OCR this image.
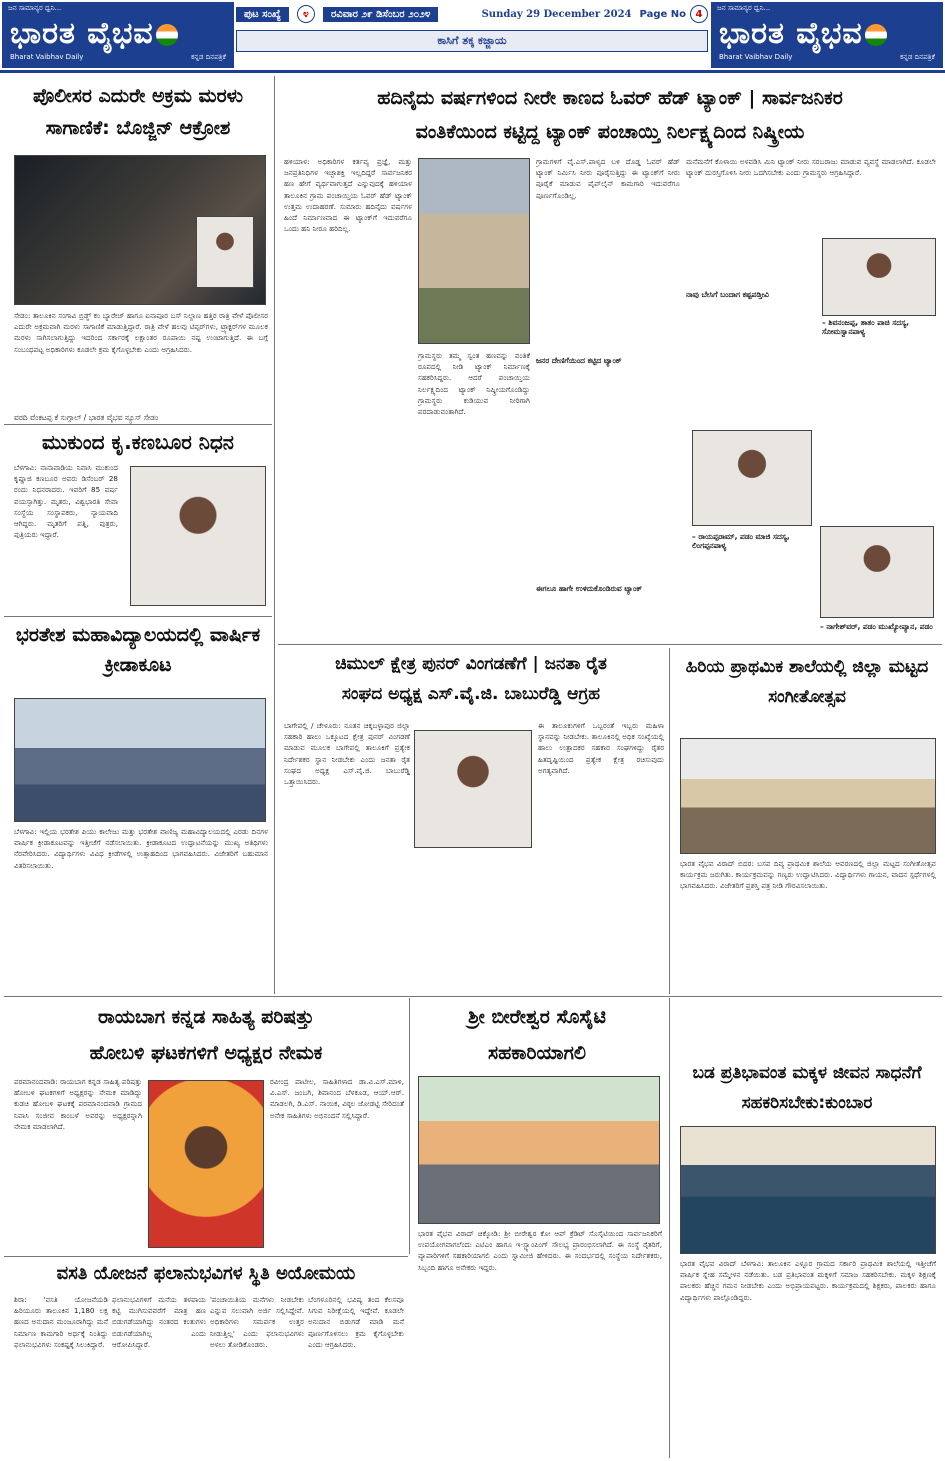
ಜನ ಸಾಮಾನ್ಯರ ಧ್ವನಿ...
ಭಾರತ ವೈಭವ
Bharat Vaibhav Daily	ಕನ್ನಡ ದಿನಪತ್ರಿಕೆ
ಪುಟ ಸಂಖ್ಯೆ	೪	ರವಿವಾರ ೨೯ ಡಿಸೆಂಬರ ೨೦೨೪	Sunday 29 December 2024 Page No 4
ಕಾಸಿಗೆ ತಕ್ಕ ಕಜ್ಜಾಯ
ಜನ ಸಾಮಾನ್ಯರ ಧ್ವನಿ...
ಭಾರತ ವೈಭವ
Bharat Vaibhav Daily	ಕನ್ನಡ ದಿನಪತ್ರಿಕೆ
ಪೊಲೀಸರ ಎದುರೇ ಅಕ್ರಮ ಮರಳು ಸಾಗಾಣಿಕೆ: ಬೊಜ್ಜಿನ್ ಆಕ್ರೋಶ
ಸೇಡಂ: ತಾಲೂಕಿನ ಸಂಗಾವಿ ಬ್ರಿಡ್ಜ್ ಕಂ ಬ್ಯಾರೇಜ್ ಹಾಗೂ ಐನಾಪೂರ ಬಸ್ ನಿಲ್ದಾಣ ಹತ್ತಿರ ರಾತ್ರಿ ವೇಳೆ ಪೊಲೀಸರ ಎದುರೇ ಅಕ್ರಮವಾಗಿ ಮರಳು ಸಾಗಾಣಿಕೆ ಮಾಡುತ್ತಿದ್ದಾರೆ. ರಾತ್ರಿ ವೇಳೆ ಹಲವು ಟಿಪ್ಪರ್‌ಗಳು, ಟ್ರ್ಯಾಕ್ಟರ್‌ಗಳ ಮೂಲಕ ಮರಳು ಸಾಗಿಸಲಾಗುತ್ತಿದ್ದು ಇದರಿಂದ ಸರ್ಕಾರಕ್ಕೆ ಲಕ್ಷಾಂತರ ರೂಪಾಯಿ ನಷ್ಟ ಉಂಟಾಗುತ್ತಿದೆ. ಈ ಬಗ್ಗೆ ಸಂಬಂಧಪಟ್ಟ ಅಧಿಕಾರಿಗಳು ಕೂಡಲೇ ಕ್ರಮ ಕೈಗೊಳ್ಳಬೇಕು ಎಂದು ಆಗ್ರಹಿಸಿದರು.
ವರದಿ ವೆಂಕಟಪ್ಪ ಕೆ ಸುಗ್ಗಾಲ್ / ಭಾರತ ವೈಭವ ನ್ಯೂಸ್ ಸೇಡಂ
ಮುಕುಂದ ಕೃ.ಕಣಬೂರ ನಿಧನ
ಬೆಳಗಾವಿ: ನಾನಾವಾಡಿಯ ನಿವಾಸಿ ಮುಕುಂದ ಕೃಷ್ಣಾಜಿ ಕಣಬೂರ ಅವರು ಡಿಸೆಂಬರ್ 28 ರಂದು ನಿಧನರಾದರು. ಇವರಿಗೆ 85 ವರ್ಷ ವಯಸ್ಸಾಗಿತ್ತು. ಮೃತರು, ವಿಶ್ವಭಾರತಿ ಸೇವಾ ಸಂಸ್ಥೆಯ ಸಂಸ್ಥಾಪಕರು, ನ್ಯಾಯವಾದಿ ಆಗಿದ್ದರು. ಮೃತರಿಗೆ ಪತ್ನಿ, ಪುತ್ರರು, ಪುತ್ರಿಯರು ಇದ್ದಾರೆ.
ಭರತೇಶ ಮಹಾವಿದ್ಯಾಲಯದಲ್ಲಿ ವಾರ್ಷಿಕ ಕ್ರೀಡಾಕೂಟ
ಬೆಳಗಾವಿ: ಇಲ್ಲಿಯ ಭರತೇಶ ಪಿಯು ಕಾಲೇಜು ಮತ್ತು ಭರತೇಶ ವಾಣಿಜ್ಯ ಮಹಾವಿದ್ಯಾಲಯದಲ್ಲಿ ಎರಡು ದಿನಗಳ ವಾರ್ಷಿಕ ಕ್ರೀಡಾಕೂಟವನ್ನು ಇತ್ತೀಚೆಗೆ ನಡೆಸಲಾಯಿತು. ಕ್ರೀಡಾಕೂಟದ ಉದ್ಘಾಟನೆಯನ್ನು ಮುಖ್ಯ ಅತಿಥಿಗಳು ನೆರವೇರಿಸಿದರು. ವಿದ್ಯಾರ್ಥಿಗಳು ವಿವಿಧ ಕ್ರೀಡೆಗಳಲ್ಲಿ ಉತ್ಸಾಹದಿಂದ ಭಾಗವಹಿಸಿದರು. ವಿಜೇತರಿಗೆ ಬಹುಮಾನ ವಿತರಿಸಲಾಯಿತು.
ಹದಿನೈದು ವರ್ಷಗಳಿಂದ ನೀರೇ ಕಾಣದ ಓವರ್ ಹೆಡ್ ಟ್ಯಾಂಕ್ | ಸಾರ್ವಜನಿಕರ
ವಂತಿಕೆಯಿಂದ ಕಟ್ಟಿದ್ದ ಟ್ಯಾಂಕ್ ಪಂಚಾಯ್ತಿ ನಿರ್ಲಕ್ಷ್ಯದಿಂದ ನಿಷ್ಕ್ರೀಯ
ಹಳಿಯಾಳ: ಅಧಿಕಾರಿಗಳ ಕರ್ತವ್ಯ ಪ್ರಜ್ಞೆ, ಮತ್ತು ಜನಪ್ರತಿನಿಧಿಗಳ ಇಚ್ಛಾಶಕ್ತಿ ಇಲ್ಲದಿದ್ದರೆ ಸಾರ್ವಜನಿಕರ ಹಣ ಹೇಗೆ ವ್ಯರ್ಥವಾಗುತ್ತದೆ ಎನ್ನುವುದಕ್ಕೆ ಹಳಿಯಾಳ ತಾಲೂಕಿನ ಗ್ರಾಮ ಪಂಚಾಯ್ತಿಯ ಓವರ್ ಹೆಡ್ ಟ್ಯಾಂಕ್ ಉತ್ತಮ ಉದಾಹರಣೆ. ಸುಮಾರು ಹದಿನೈದು ವರ್ಷಗಳ ಹಿಂದೆ ನಿರ್ಮಾಣವಾದ ಈ ಟ್ಯಾಂಕ್‌ಗೆ ಇದುವರೆಗೂ ಒಂದು ಹನಿ ನೀರೂ ಹರಿದಿಲ್ಲ.
ಗ್ರಾಮಸ್ಥರು ತಮ್ಮ ಸ್ವಂತ ಹಣವನ್ನು ವಂತಿಕೆ ರೂಪದಲ್ಲಿ ನೀಡಿ ಟ್ಯಾಂಕ್ ನಿರ್ಮಾಣಕ್ಕೆ ಸಹಕರಿಸಿದ್ದರು. ಆದರೆ ಪಂಚಾಯ್ತಿಯ ನಿರ್ಲಕ್ಷ್ಯದಿಂದ ಟ್ಯಾಂಕ್ ನಿಷ್ಕ್ರೀಯಗೊಂಡಿದ್ದು ಗ್ರಾಮಸ್ಥರು ಕುಡಿಯುವ ನೀರಿಗಾಗಿ ಪರದಾಡುವಂತಾಗಿದೆ.
ಗ್ರಾಮಗಳಿಗೆ ವೈ.ಎಸ್.ಪಾಳ್ಯದ ಬಳಿ ದೊಡ್ಡ ಓವರ್ ಹೆಡ್ ಟ್ಯಾಂಕ್ ನಿರ್ಮಿಸಿ ನೀರು ಪೂರೈಸುತ್ತಿದ್ದು ಈ ಟ್ಯಾಂಕ್‌ಗೆ ನೀರು ಪೂರೈಕೆ ಮಾಡುವ ಪೈಪ್‌ಲೈನ್ ಕಾಮಗಾರಿ ಇದುವರೆಗೂ ಪೂರ್ಣಗೊಂಡಿಲ್ಲ.
ಜನರ ದೇಣಿಗೆಯಿಂದ ಕಟ್ಟಿದ ಟ್ಯಾಂಕ್
ಈಗಲೂ ಹಾಗೇ ಉಳಿದುಕೊಂಡಿರುವ ಟ್ಯಾಂಕ್
ಮನೆಮನೆಗೆ ಕೊಳಾಯಿ ಅಳವಡಿಸಿ ಮಿನಿ ಟ್ಯಾಂಕ್ ನೀರು ಸರಬರಾಜು ಮಾಡುವ ವ್ಯವಸ್ಥೆ ಮಾಡಲಾಗಿದೆ. ಕೂಡಲೇ ಟ್ಯಾಂಕ್ ದುರಸ್ತಿಗೊಳಿಸಿ ನೀರು ಒದಗಿಸಬೇಕು ಎಂದು ಗ್ರಾಮಸ್ಥರು ಆಗ್ರಹಿಸಿದ್ದಾರೆ.
ನಾವು ಬೇಸಿಗೆ ಬಂದಾಗ ಕಷ್ಟಪಡ್ತೀವಿ
– ಶಿವನಂಜಪ್ಪ, ತಾತಂ ಪಾಚಿ ಸದಸ್ಯ, ಸೋಮಸ್ವಾನಪಾಳ್ಯ
– ರಾಯಪ್ಪರಾಮ್, ಪಡಂ ಮಾಜಿ ಸದಸ್ಯ, ಲಿಂಗಪ್ಪನಪಾಳ್ಯ
– ನಾಗೇಶ್‌ವರ್, ಪಡಂ ಮುಖ್ಯೋಪ್ಯಾನ, ಪಡಂ
ಚಿಮುಲ್ ಕ್ಷೇತ್ರ ಪುನರ್ ವಿಂಗಡಣೆಗೆ | ಜನತಾ ರೈತ
ಸಂಘದ ಅಧ್ಯಕ್ಷ ಎಸ್.ವೈ.ಜಿ. ಬಾಬುರೆಡ್ಡಿ ಆಗ್ರಹ
ಬಾಗೇಪಲ್ಲಿ / ಚೇಳೂರು: ನೂತನ ಚಿಕ್ಕಬಳ್ಳಾಪುರ ಜಿಲ್ಲಾ ಸಹಕಾರಿ ಹಾಲು ಒಕ್ಕೂಟದ ಕ್ಷೇತ್ರ ಪುನರ್ ವಿಂಗಡಣೆ ಮಾಡುವ ಮೂಲಕ ಬಾಗೇಪಲ್ಲಿ ತಾಲೂಕಿಗೆ ಪ್ರತ್ಯೇಕ ನಿರ್ದೇಶಕರ ಸ್ಥಾನ ನೀಡಬೇಕು ಎಂದು ಜನತಾ ರೈತ ಸಂಘದ ಅಧ್ಯಕ್ಷ ಎಸ್.ವೈ.ಜಿ. ಬಾಬುರೆಡ್ಡಿ ಒತ್ತಾಯಿಸಿದರು.
ಈ ತಾಲೂಕುಗಳಿಗೆ ಒಬ್ಬರಂತೆ ಇಬ್ಬರು ಮಹಿಳಾ ಸ್ಥಾನವನ್ನು ನೀಡಬೇಕು. ತಾಲೂಕಿನಲ್ಲಿ ಅಧಿಕ ಸಂಖ್ಯೆಯಲ್ಲಿ ಹಾಲು ಉತ್ಪಾದಕರ ಸಹಕಾರ ಸಂಘಗಳಿದ್ದು ರೈತರ ಹಿತದೃಷ್ಟಿಯಿಂದ ಪ್ರತ್ಯೇಕ ಕ್ಷೇತ್ರ ರಚಿಸುವುದು ಅಗತ್ಯವಾಗಿದೆ.
ಹಿರಿಯ ಪ್ರಾಥಮಿಕ ಶಾಲೆಯಲ್ಲಿ ಜಿಲ್ಲಾ ಮಟ್ಟದ ಸಂಗೀತೋತ್ಸವ
ಭಾರತ ವೈಭವ ವಿರಾದ್ ಬಿದರ: ಬಸವ ದಿವ್ಯ ಪ್ರಾಥಮಿಕ ಶಾಲೆಯ ಆವರಣದಲ್ಲಿ ಜಿಲ್ಲಾ ಮಟ್ಟದ ಸಂಗೀತೋತ್ಸವ ಕಾರ್ಯಕ್ರಮ ಜರುಗಿತು. ಕಾರ್ಯಕ್ರಮವನ್ನು ಗಣ್ಯರು ಉದ್ಘಾಟಿಸಿದರು. ವಿದ್ಯಾರ್ಥಿಗಳು ಗಾಯನ, ವಾದನ ಸ್ಪರ್ಧೆಗಳಲ್ಲಿ ಭಾಗವಹಿಸಿದರು. ವಿಜೇತರಿಗೆ ಪ್ರಶಸ್ತಿ ಪತ್ರ ನೀಡಿ ಗೌರವಿಸಲಾಯಿತು.
ರಾಯಬಾಗ ಕನ್ನಡ ಸಾಹಿತ್ಯ ಪರಿಷತ್ತು
ಹೋಬಳಿ ಘಟಕಗಳಿಗೆ ಅಧ್ಯಕ್ಷರ ನೇಮಕ
ಪರಮಾನಂದವಾಡಿ: ರಾಯಬಾಗ ಕನ್ನಡ ಸಾಹಿತ್ಯ ಪರಿಷತ್ತು ಹೋಬಳಿ ಘಟಕಗಳಿಗೆ ಅಧ್ಯಕ್ಷರನ್ನು ನೇಮಕ ಮಾಡಿದ್ದು ಕುಡಚಿ ಹೋಬಳಿ ಘಟಕಕ್ಕೆ ಪರಮಾನಂದವಾಡಿ ಗ್ರಾಮದ ನಿವಾಸಿ ಸಂಜೀವ ಕಾಂಬಳೆ ಅವರನ್ನು ಅಧ್ಯಕ್ಷರನ್ನಾಗಿ ನೇಮಕ ಮಾಡಲಾಗಿದೆ.
ರವೀಂದ್ರ ಪಾಟೀಲ, ಸಾಹಿತಿಗಳಾದ ಡಾ.ವಿ.ಎಸ್.ಮಾಳಿ, ವಿ.ಎಸ್. ಜಂಬಗಿ, ಶಿವಾನಂದ ಬೆಳಕೂಡ, ಆಯ್.ಆರ್. ಮಾಡಲಗಿ, ಡಿ.ಎಸ್. ನಾಯಿಕ, ವಿಠ್ಠಲ ಜೋಡಟ್ಟಿ ಸೇರಿದಂತೆ ಅನೇಕ ಸಾಹಿತಿಗಳು ಅಭಿನಂದನೆ ಸಲ್ಲಿಸಿದ್ದಾರೆ.
ಶ್ರೀ ಬೀರೇಶ್ವರ ಸೊಸೈಟಿ
ಸಹಕಾರಿಯಾಗಲಿ
ಭಾರತ ವೈಭವ ವಿರಾದ್ ಚಿಕ್ಕೋಡಿ: ಶ್ರೀ ಬೀರೇಶ್ವರ ಕೋ ಆಪ್ ಕ್ರೆಡಿಟ್ ಸೊಸೈಟಿಯಿಂದ ಸಾರ್ವಜನಿಕರಿಗೆ ಉಪಯೋಗವಾಗಲೆಂದು ಎಟಿಎಂ ಹಾಗೂ ಇ-ಸ್ಟ್ಯಾಂಪಿಂಗ್ ಸೌಲಭ್ಯ ಪ್ರಾರಂಭಿಸಲಾಗಿದೆ. ಈ ಸಂಸ್ಥೆ ರೈತರಿಗೆ, ವ್ಯಾಪಾರಿಗಳಿಗೆ ಸಹಕಾರಿಯಾಗಲಿ ಎಂದು ಸ್ವಾಮೀಜಿ ಹೇಳಿದರು. ಈ ಸಂದರ್ಭದಲ್ಲಿ ಸಂಸ್ಥೆಯ ನಿರ್ದೇಶಕರು, ಸಿಬ್ಬಂದಿ ಹಾಗೂ ಅನೇಕರು ಇದ್ದರು.
ಬಡ ಪ್ರತಿಭಾವಂತ ಮಕ್ಕಳ ಜೀವನ ಸಾಧನೆಗೆ ಸಹಕರಿಸಬೇಕು:ಕುಂಬಾರ
ಭಾರತ ವೈಭವ ವಿರಾದ್ ಬೆಳಗಾವಿ: ತಾಲೂಕಿನ ಎಳ್ಳೂರ ಗ್ರಾಮದ ಸರ್ಕಾರಿ ಪ್ರಾಥಮಿಕ ಶಾಲೆಯಲ್ಲಿ ಇತ್ತೀಚೆಗೆ ವಾರ್ಷಿಕ ಸ್ನೇಹ ಸಮ್ಮೇಳನ ನಡೆಯಿತು. ಬಡ ಪ್ರತಿಭಾವಂತ ಮಕ್ಕಳಿಗೆ ಸಮಾಜ ಸಹಕರಿಸಬೇಕು. ಮಕ್ಕಳ ಶಿಕ್ಷಣಕ್ಕೆ ಪಾಲಕರು ಹೆಚ್ಚಿನ ಗಮನ ನೀಡಬೇಕು ಎಂದು ಅಭಿಪ್ರಾಯಪಟ್ಟರು. ಕಾರ್ಯಕ್ರಮದಲ್ಲಿ ಶಿಕ್ಷಕರು, ಪಾಲಕರು ಹಾಗೂ ವಿದ್ಯಾರ್ಥಿಗಳು ಪಾಲ್ಗೊಂಡಿದ್ದರು.
ವಸತಿ ಯೋಜನೆ ಫಲಾನುಭವಿಗಳ ಸ್ಥಿತಿ ಅಯೋಮಯ
ಶಿರಾ: 'ವಸತಿ ಯೋಜನೆಯಡಿ ಹಿರಿಯೂರು ತಾಲೂಕಿನ 1,180 ಲಕ್ಷ ಹಣದ ಅನುದಾನ ಮಂಜೂರಾಗಿದ್ದು ಮನೆ ನಿರ್ಮಾಣ ಕಾಮಗಾರಿ ಅರ್ಧಕ್ಕೆ ನಿಂತಿದ್ದು ಫಲಾನುಭವಿಗಳು ಸಂಕಷ್ಟಕ್ಕೆ ಸಿಲುಕಿದ್ದಾರೆ.
ಫಲಾನುಭವಿಗಳಿಗೆ ಮನೆಯ ತಳಪಾಯ ಕಟ್ಟಿ ಮುಗಿಸುವವರೆಗೆ ಮಾತ್ರ ಹಣ ಬಿಡುಗಡೆಯಾಗಿದ್ದು ನಂತರದ ಕಂತುಗಳು ಬಿಡುಗಡೆಯಾಗಿಲ್ಲ ಎಂದು ಆರೋಪಿಸಿದ್ದಾರೆ.
'ಪಂಚಾಯಿತಿಯ ಮನೆಗಳು ನೀಡಬೇಕು ಎನ್ನುವ ಸಲುವಾಗಿ ಅರ್ಜಿ ಸಲ್ಲಿಸಿದ್ದೇವೆ. ಅಧಿಕಾರಿಗಳು ಸಮರ್ಪಕ ಉತ್ತರ ನೀಡುತ್ತಿಲ್ಲ' ಎಂದು ಫಲಾನುಭವಿಗಳು ಅಳಲು ತೋಡಿಕೊಂಡರು.
ಬೆಂಗಳೂರಿನಲ್ಲಿ ಭವಿಷ್ಯ ತಂದ ಕೆಲಸವೂ ಸಿಗುವ ನಿರೀಕ್ಷೆಯಲ್ಲಿ ಇದ್ದೇವೆ. ಕೂಡಲೇ ಅನುದಾನ ಬಿಡುಗಡೆ ಮಾಡಿ ಮನೆ ಪೂರ್ಣಗೊಳಿಸಲು ಕ್ರಮ ಕೈಗೊಳ್ಳಬೇಕು ಎಂದು ಆಗ್ರಹಿಸಿದರು.
